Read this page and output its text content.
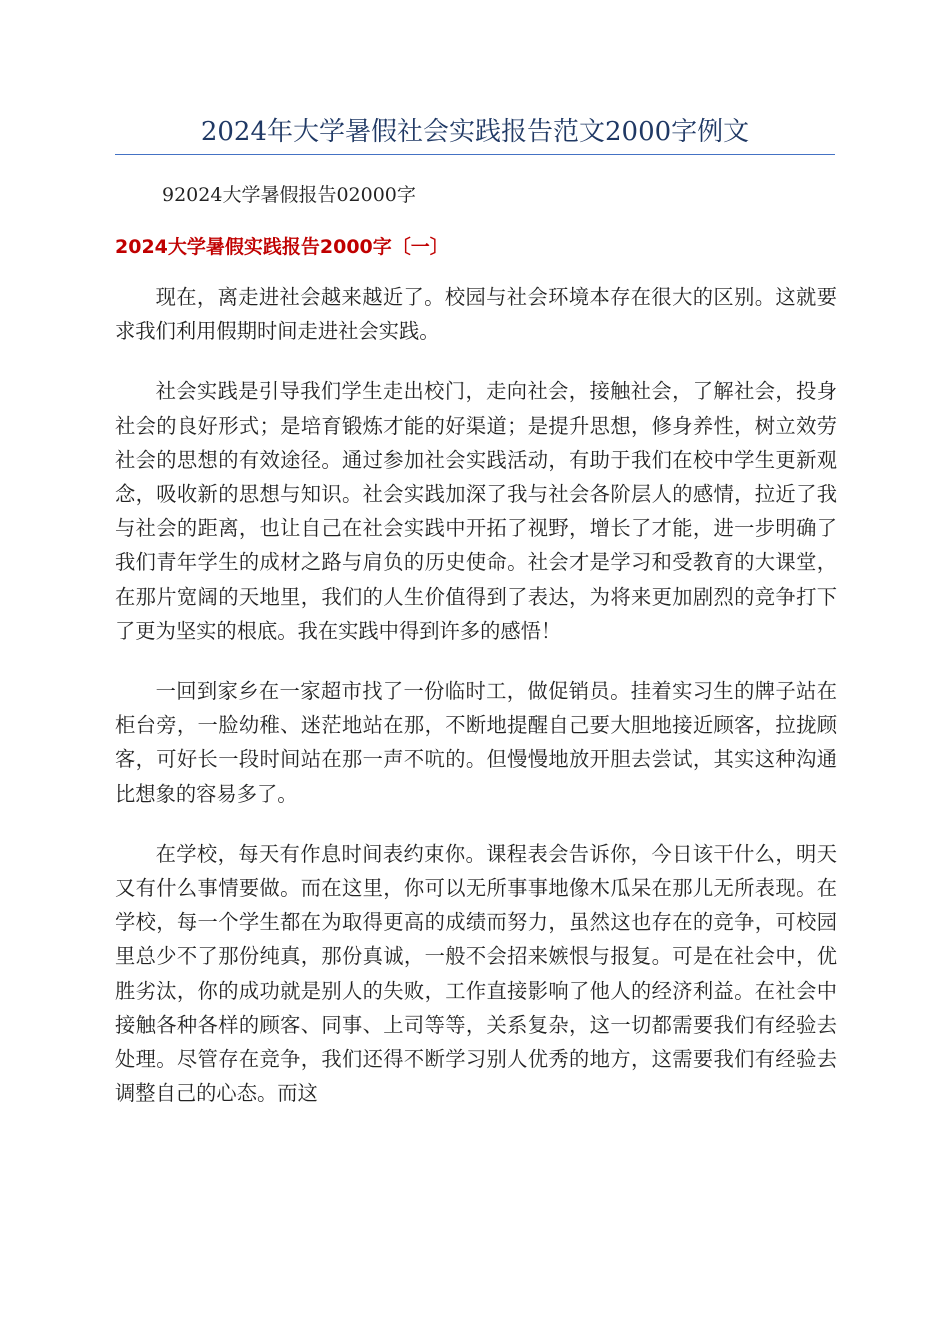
2024年大学暑假社会实践报告范文2000字例文
92024大学暑假报告02000字
2024大学暑假实践报告2000字〔一〕

现在，离走进社会越来越近了。校园与社会环境本存在很大的区别。这就要求我们利用假期时间走进社会实践。

社会实践是引导我们学生走出校门，走向社会，接触社会，了解社会，投身社会的良好形式；是培育锻炼才能的好渠道；是提升思想，修身养性，树立效劳社会的思想的有效途径。通过参加社会实践活动，有助于我们在校中学生更新观念，吸收新的思想与知识。社会实践加深了我与社会各阶层人的感情，拉近了我与社会的距离，也让自己在社会实践中开拓了视野，增长了才能，进一步明确了我们青年学生的成材之路与肩负的历史使命。社会才是学习和受教育的大课堂，在那片宽阔的天地里，我们的人生价值得到了表达，为将来更加剧烈的竞争打下了更为坚实的根底。我在实践中得到许多的感悟！

一回到家乡在一家超市找了一份临时工，做促销员。挂着实习生的牌子站在柜台旁，一脸幼稚、迷茫地站在那，不断地提醒自己要大胆地接近顾客，拉拢顾客，可好长一段时间站在那一声不吭的。但慢慢地放开胆去尝试，其实这种沟通比想象的容易多了。

在学校，每天有作息时间表约束你。课程表会告诉你，今日该干什么，明天又有什么事情要做。而在这里，你可以无所事事地像木瓜呆在那儿无所表现。在学校，每一个学生都在为取得更高的成绩而努力，虽然这也存在的竞争，可校园里总少不了那份纯真，那份真诚，一般不会招来嫉恨与报复。可是在社会中，优胜劣汰，你的成功就是别人的失败，工作直接影响了他人的经济利益。在社会中接触各种各样的顾客、同事、上司等等，关系复杂，这一切都需要我们有经验去处理。尽管存在竞争，我们还得不断学习别人优秀的地方，这需要我们有经验去调整自己的心态。而这
